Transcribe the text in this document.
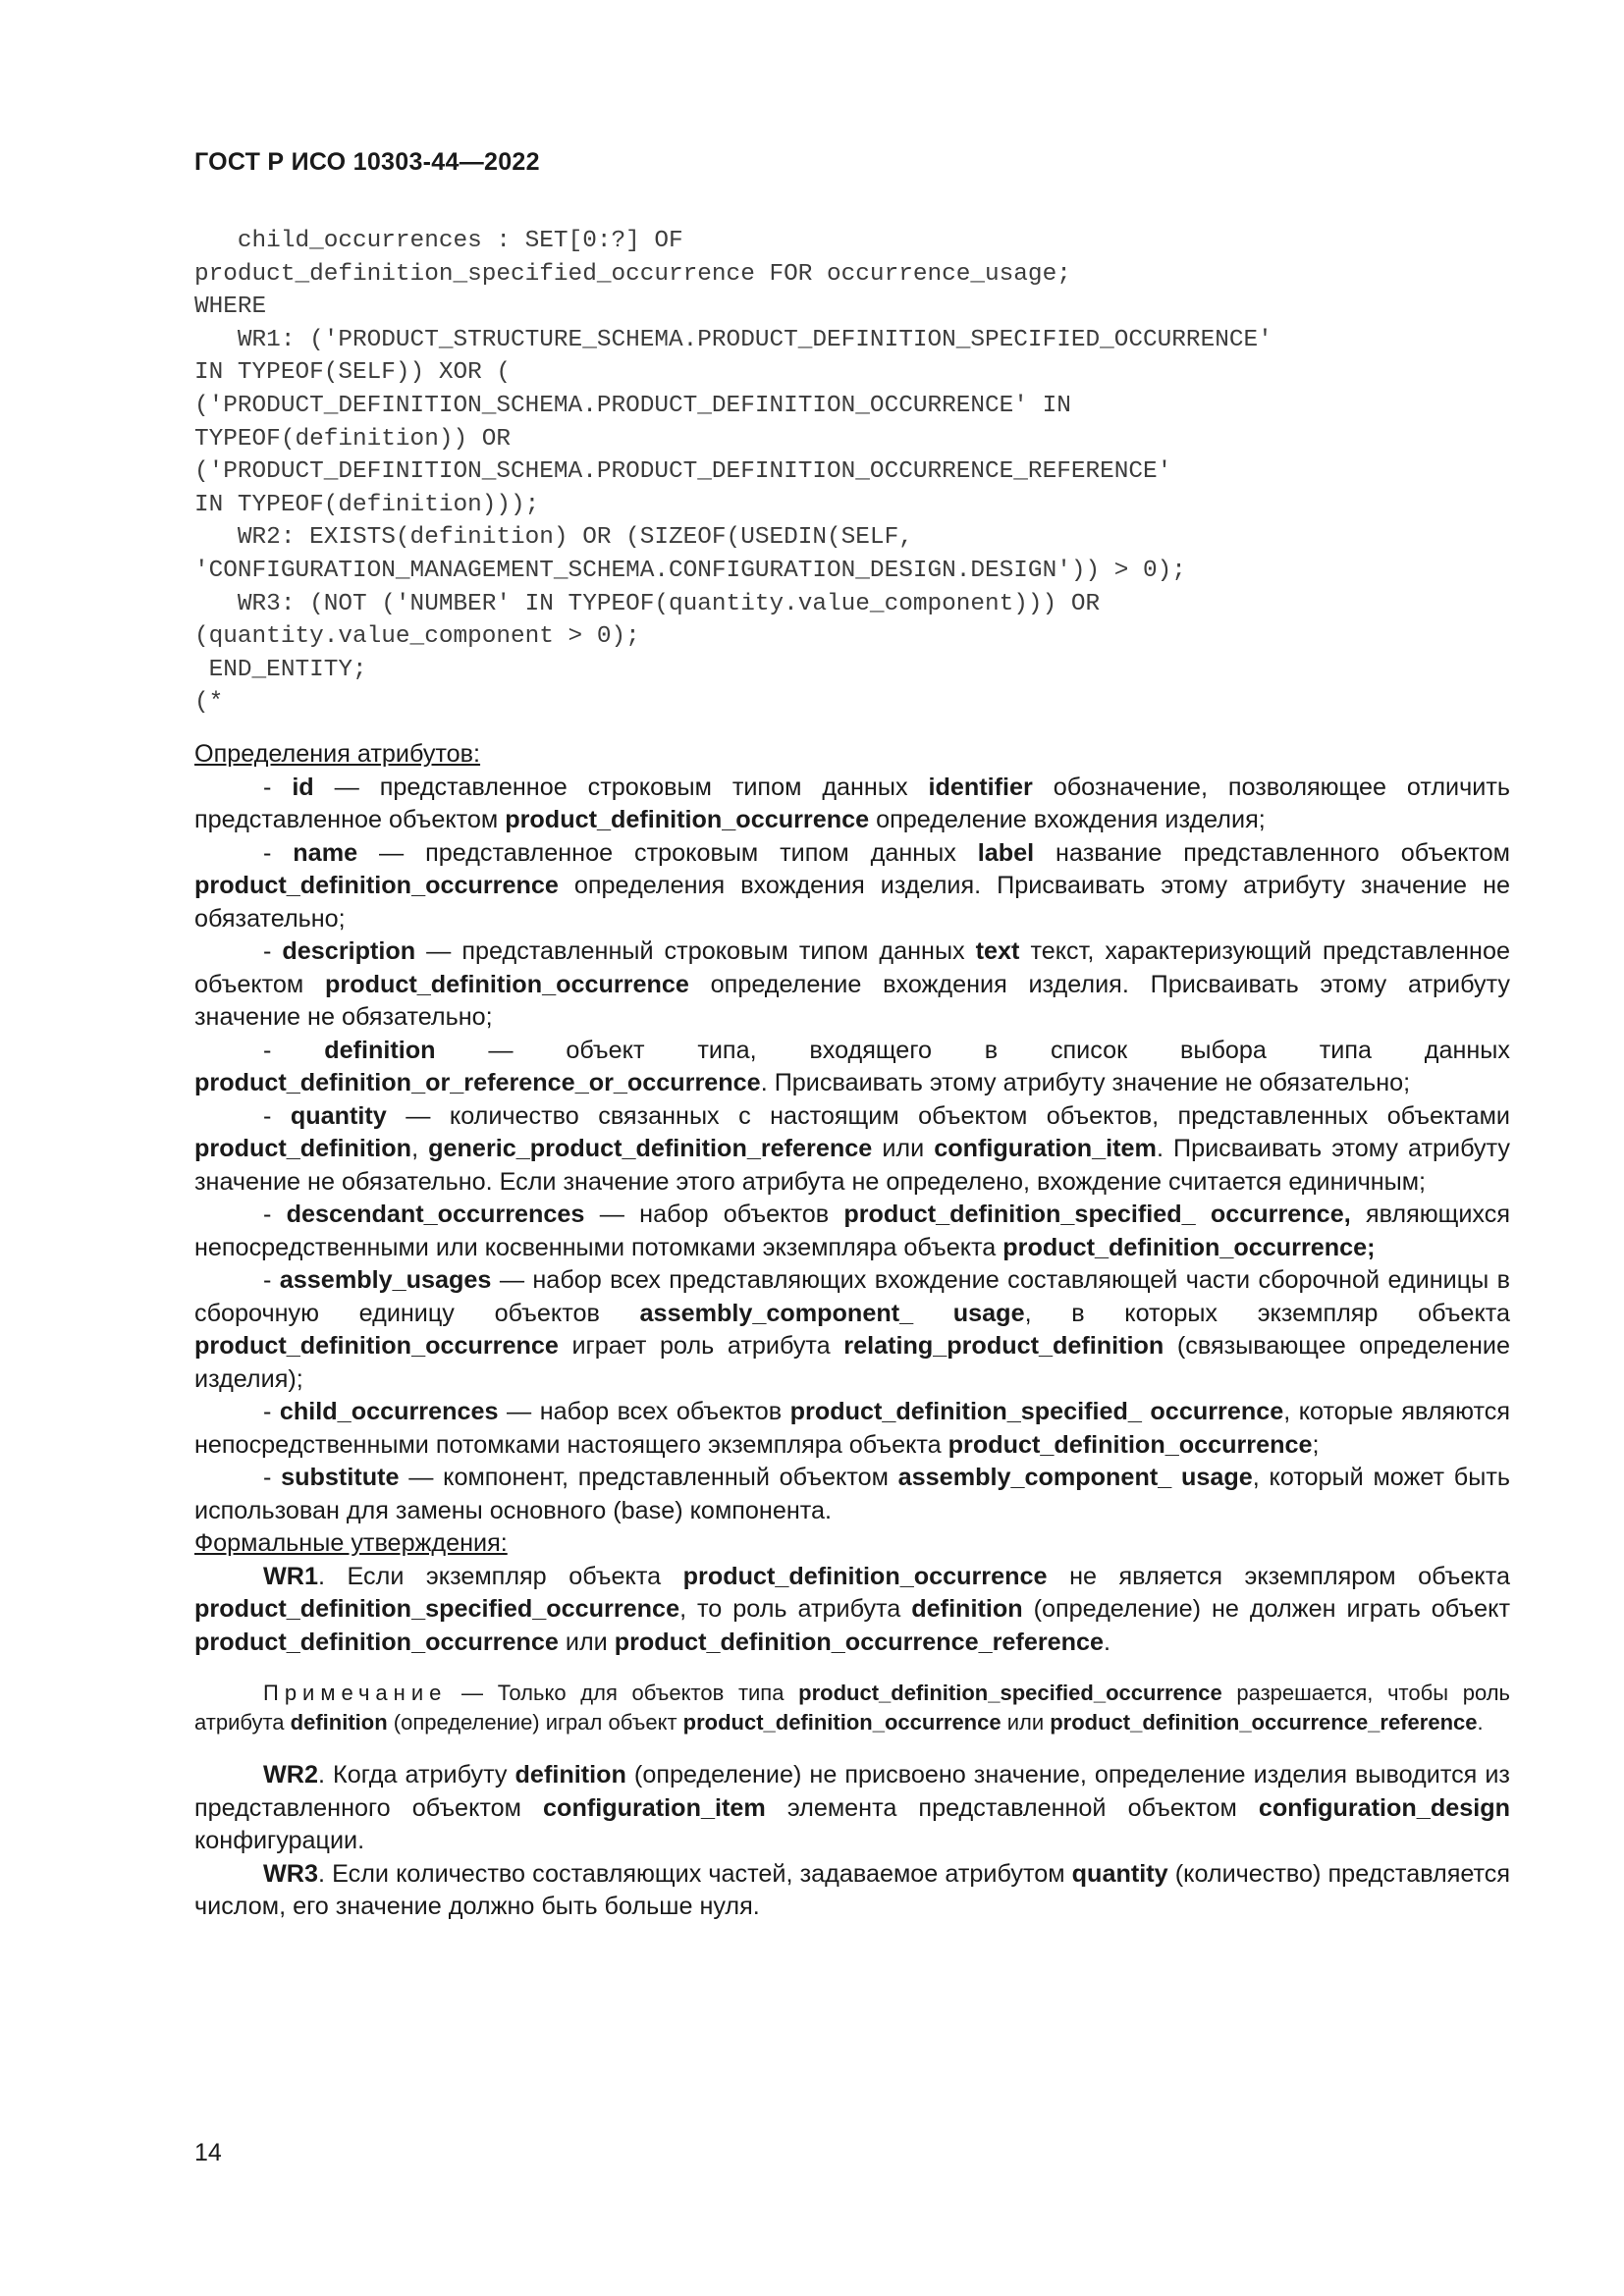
ГОСТ Р ИСО 10303-44—2022
child_occurrences : SET[0:?] OF
product_definition_specified_occurrence FOR occurrence_usage;
WHERE
WR1: ('PRODUCT_STRUCTURE_SCHEMA.PRODUCT_DEFINITION_SPECIFIED_OCCURRENCE'
IN TYPEOF(SELF)) XOR (
('PRODUCT_DEFINITION_SCHEMA.PRODUCT_DEFINITION_OCCURRENCE' IN
TYPEOF(definition)) OR
('PRODUCT_DEFINITION_SCHEMA.PRODUCT_DEFINITION_OCCURRENCE_REFERENCE'
IN TYPEOF(definition)));
WR2: EXISTS(definition) OR (SIZEOF(USEDIN(SELF,
'CONFIGURATION_MANAGEMENT_SCHEMA.CONFIGURATION_DESIGN.DESIGN')) > 0);
WR3: (NOT ('NUMBER' IN TYPEOF(quantity.value_component))) OR
(quantity.value_component > 0);
END_ENTITY;
(*

Определения атрибутов:

- id — представленное строковым типом данных identifier обозначение, позволяющее отличить представленное объектом product_definition_occurrence определение вхождения изделия;

- name — представленное строковым типом данных label название представленного объектом product_definition_occurrence определения вхождения изделия. Присваивать этому атрибуту значение не обязательно;

- description — представленный строковым типом данных text текст, характеризующий представленное объектом product_definition_occurrence определение вхождения изделия. Присваивать этому атрибуту значение не обязательно;

- definition — объект типа, входящего в список выбора типа данных product_definition_or_reference_or_occurrence. Присваивать этому атрибуту значение не обязательно;

- quantity — количество связанных с настоящим объектом объектов, представленных объектами product_definition, generic_product_definition_reference или configuration_item. Присваивать этому атрибуту значение не обязательно. Если значение этого атрибута не определено, вхождение считается единичным;

- descendant_occurrences — набор объектов product_definition_specified_ occurrence, являющихся непосредственными или косвенными потомками экземпляра объекта product_definition_occurrence;

- assembly_usages — набор всех представляющих вхождение составляющей части сборочной единицы в сборочную единицу объектов assembly_component_ usage, в которых экземпляр объекта product_definition_occurrence играет роль атрибута relating_product_definition (связывающее определение изделия);

- child_occurrences — набор всех объектов product_definition_specified_ occurrence, которые являются непосредственными потомками настоящего экземпляра объекта product_definition_occurrence;

- substitute — компонент, представленный объектом assembly_component_ usage, который может быть использован для замены основного (base) компонента.

Формальные утверждения:

WR1. Если экземпляр объекта product_definition_occurrence не является экземпляром объекта product_definition_specified_occurrence, то роль атрибута definition (определение) не должен играть объект product_definition_occurrence или product_definition_occurrence_reference.

Примечание — Только для объектов типа product_definition_specified_occurrence разрешается, чтобы роль атрибута definition (определение) играл объект product_definition_occurrence или product_definition_occurrence_reference.

WR2. Когда атрибуту definition (определение) не присвоено значение, определение изделия выводится из представленного объектом configuration_item элемента представленной объектом configuration_design конфигурации.

WR3. Если количество составляющих частей, задаваемое атрибутом quantity (количество) представляется числом, его значение должно быть больше нуля.

14
